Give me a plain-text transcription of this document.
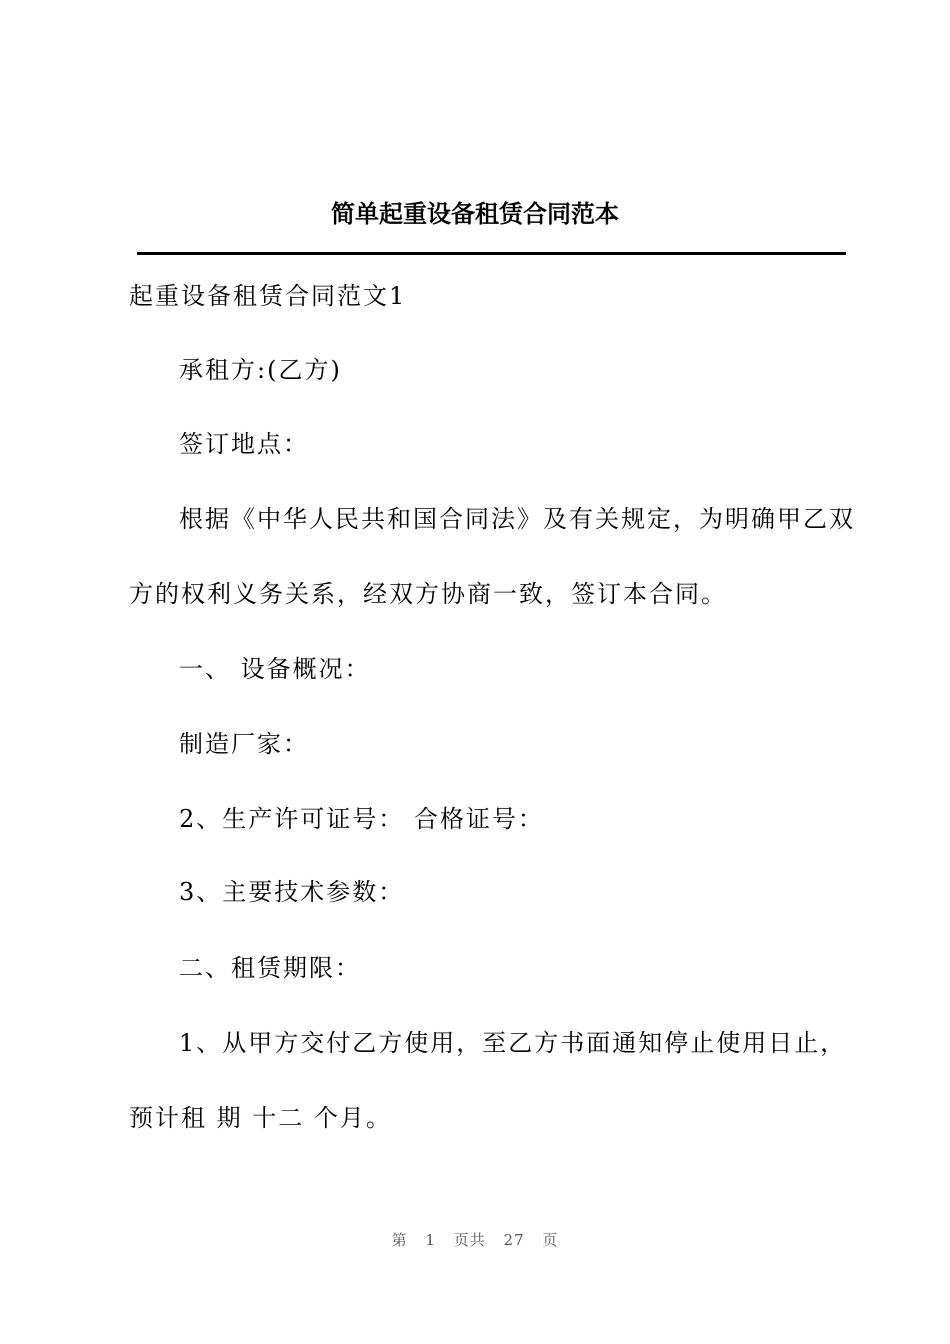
简单起重设备租赁合同范本
起重设备租赁合同范文1
承租方:(乙方)
签订地点：
根据《中华人民共和国合同法》及有关规定，为明确甲乙双
方的权利义务关系，经双方协商一致，签订本合同。
一、 设备概况：
制造厂家：
2、生产许可证号： 合格证号：
3、主要技术参数：
二、租赁期限：
1、从甲方交付乙方使用，至乙方书面通知停止使用日止，
预计租 期 十二 个月。
第 1 页共 27 页
